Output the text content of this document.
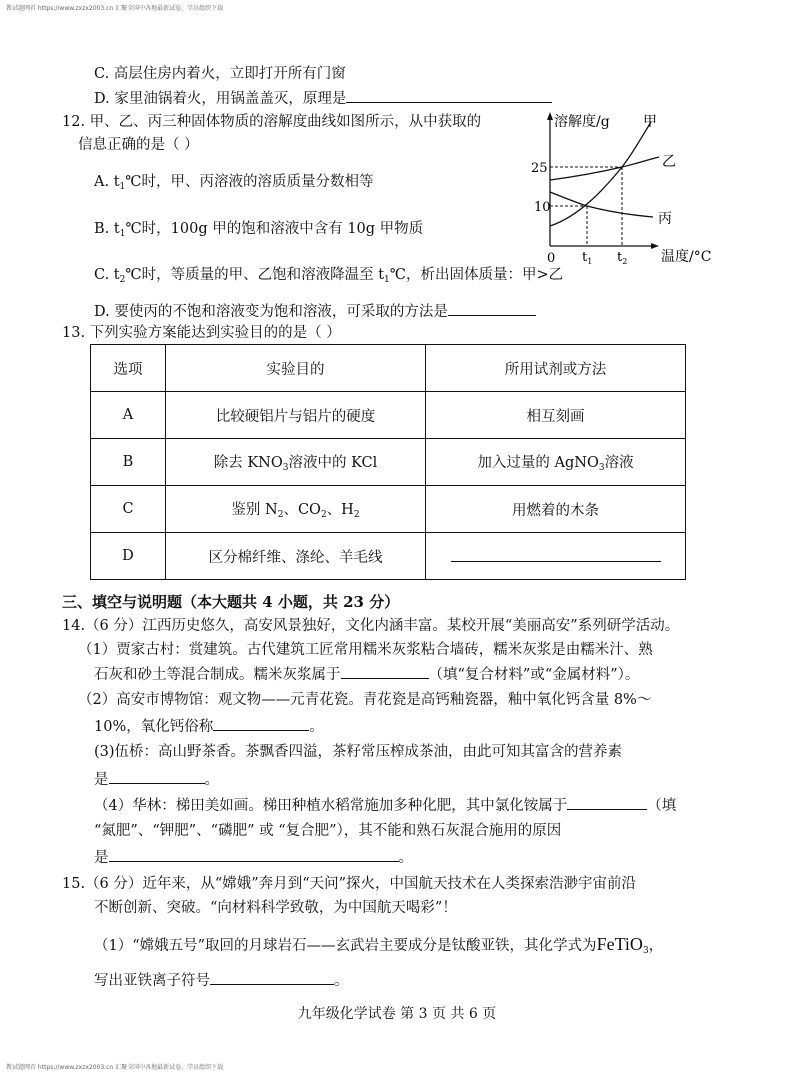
教试题网首 https://www.zxzx2003.cn 汇聚全国中各地最新试卷，学员组织下载
C. 高层住房内着火，立即打开所有门窗
D. 家里油锅着火，用锅盖盖灭，原理是
12. 甲、乙、丙三种固体物质的溶解度曲线如图所示，从中获取的
信息正确的是（ ）
A. $t_1℃$时，甲、丙溶液的溶质质量分数相等
B. $t_1℃$时，100g 甲的饱和溶液中含有 10g 甲物质
C. $t_2℃$时，等质量的甲、乙饱和溶液降温至 $t_1℃$，析出固体质量：甲>乙
D. 要使丙的不饱和溶液变为饱和溶液，可采取的方法是
溶解度/g 甲
乙
丙
25
10
0 $t_1$ $t_2$ 温度/°C
13. 下列实验方案能达到实验目的的是（ ）
选项	实验目的	所用试剂或方法
A	比较硬铝片与铝片的硬度	相互刻画
B	除去 $KNO_3$溶液中的 KCl	加入过量的 AgNO$_3$溶液
C	鉴别 $N_2$、$CO_2$、$H_2$	用燃着的木条
D	区分棉纤维、涤纶、羊毛线	
三、填空与说明题（本大题共 4 小题，共 23 分）
14.（6 分）江西历史悠久，高安风景独好，文化内涵丰富。某校开展“美丽高安”系列研学活动。
（1）贾家古村：赏建筑。古代建筑工匠常用糯米灰浆粘合墙砖，糯米灰浆是由糯米汁、熟
石灰和砂土等混合制成。糯米灰浆属于	（填“复合材料”或“金属材料”）。
（2）高安市博物馆：观文物——元青花瓷。青花瓷是高钙釉瓷器，釉中氧化钙含量 8%～
10%，氧化钙俗称	。
(3)伍桥：高山野茶香。茶飘香四溢，茶籽常压榨成茶油，由此可知其富含的营养素
是	。
（4）华林：梯田美如画。梯田种植水稻常施加多种化肥，其中氯化铵属于	（填
“氮肥”、“钾肥”、“磷肥” 或 “复合肥”），其不能和熟石灰混合施用的原因
是	。
15.（6 分）近年来，从“嫦娥”奔月到“天问”探火，中国航天技术在人类探索浩渺宇宙前沿
不断创新、突破。“向材料科学致敬，为中国航天喝彩”！
（1）“嫦娥五号”取回的月球岩石——玄武岩主要成分是钛酸亚铁，其化学式为FeTiO$_3$，
写出亚铁离子符号	。
九年级化学试卷 第 3 页 共 6 页
教试题网首 https://www.zxzx2003.cn 汇聚全国中各地最新试卷，学员组织下载
